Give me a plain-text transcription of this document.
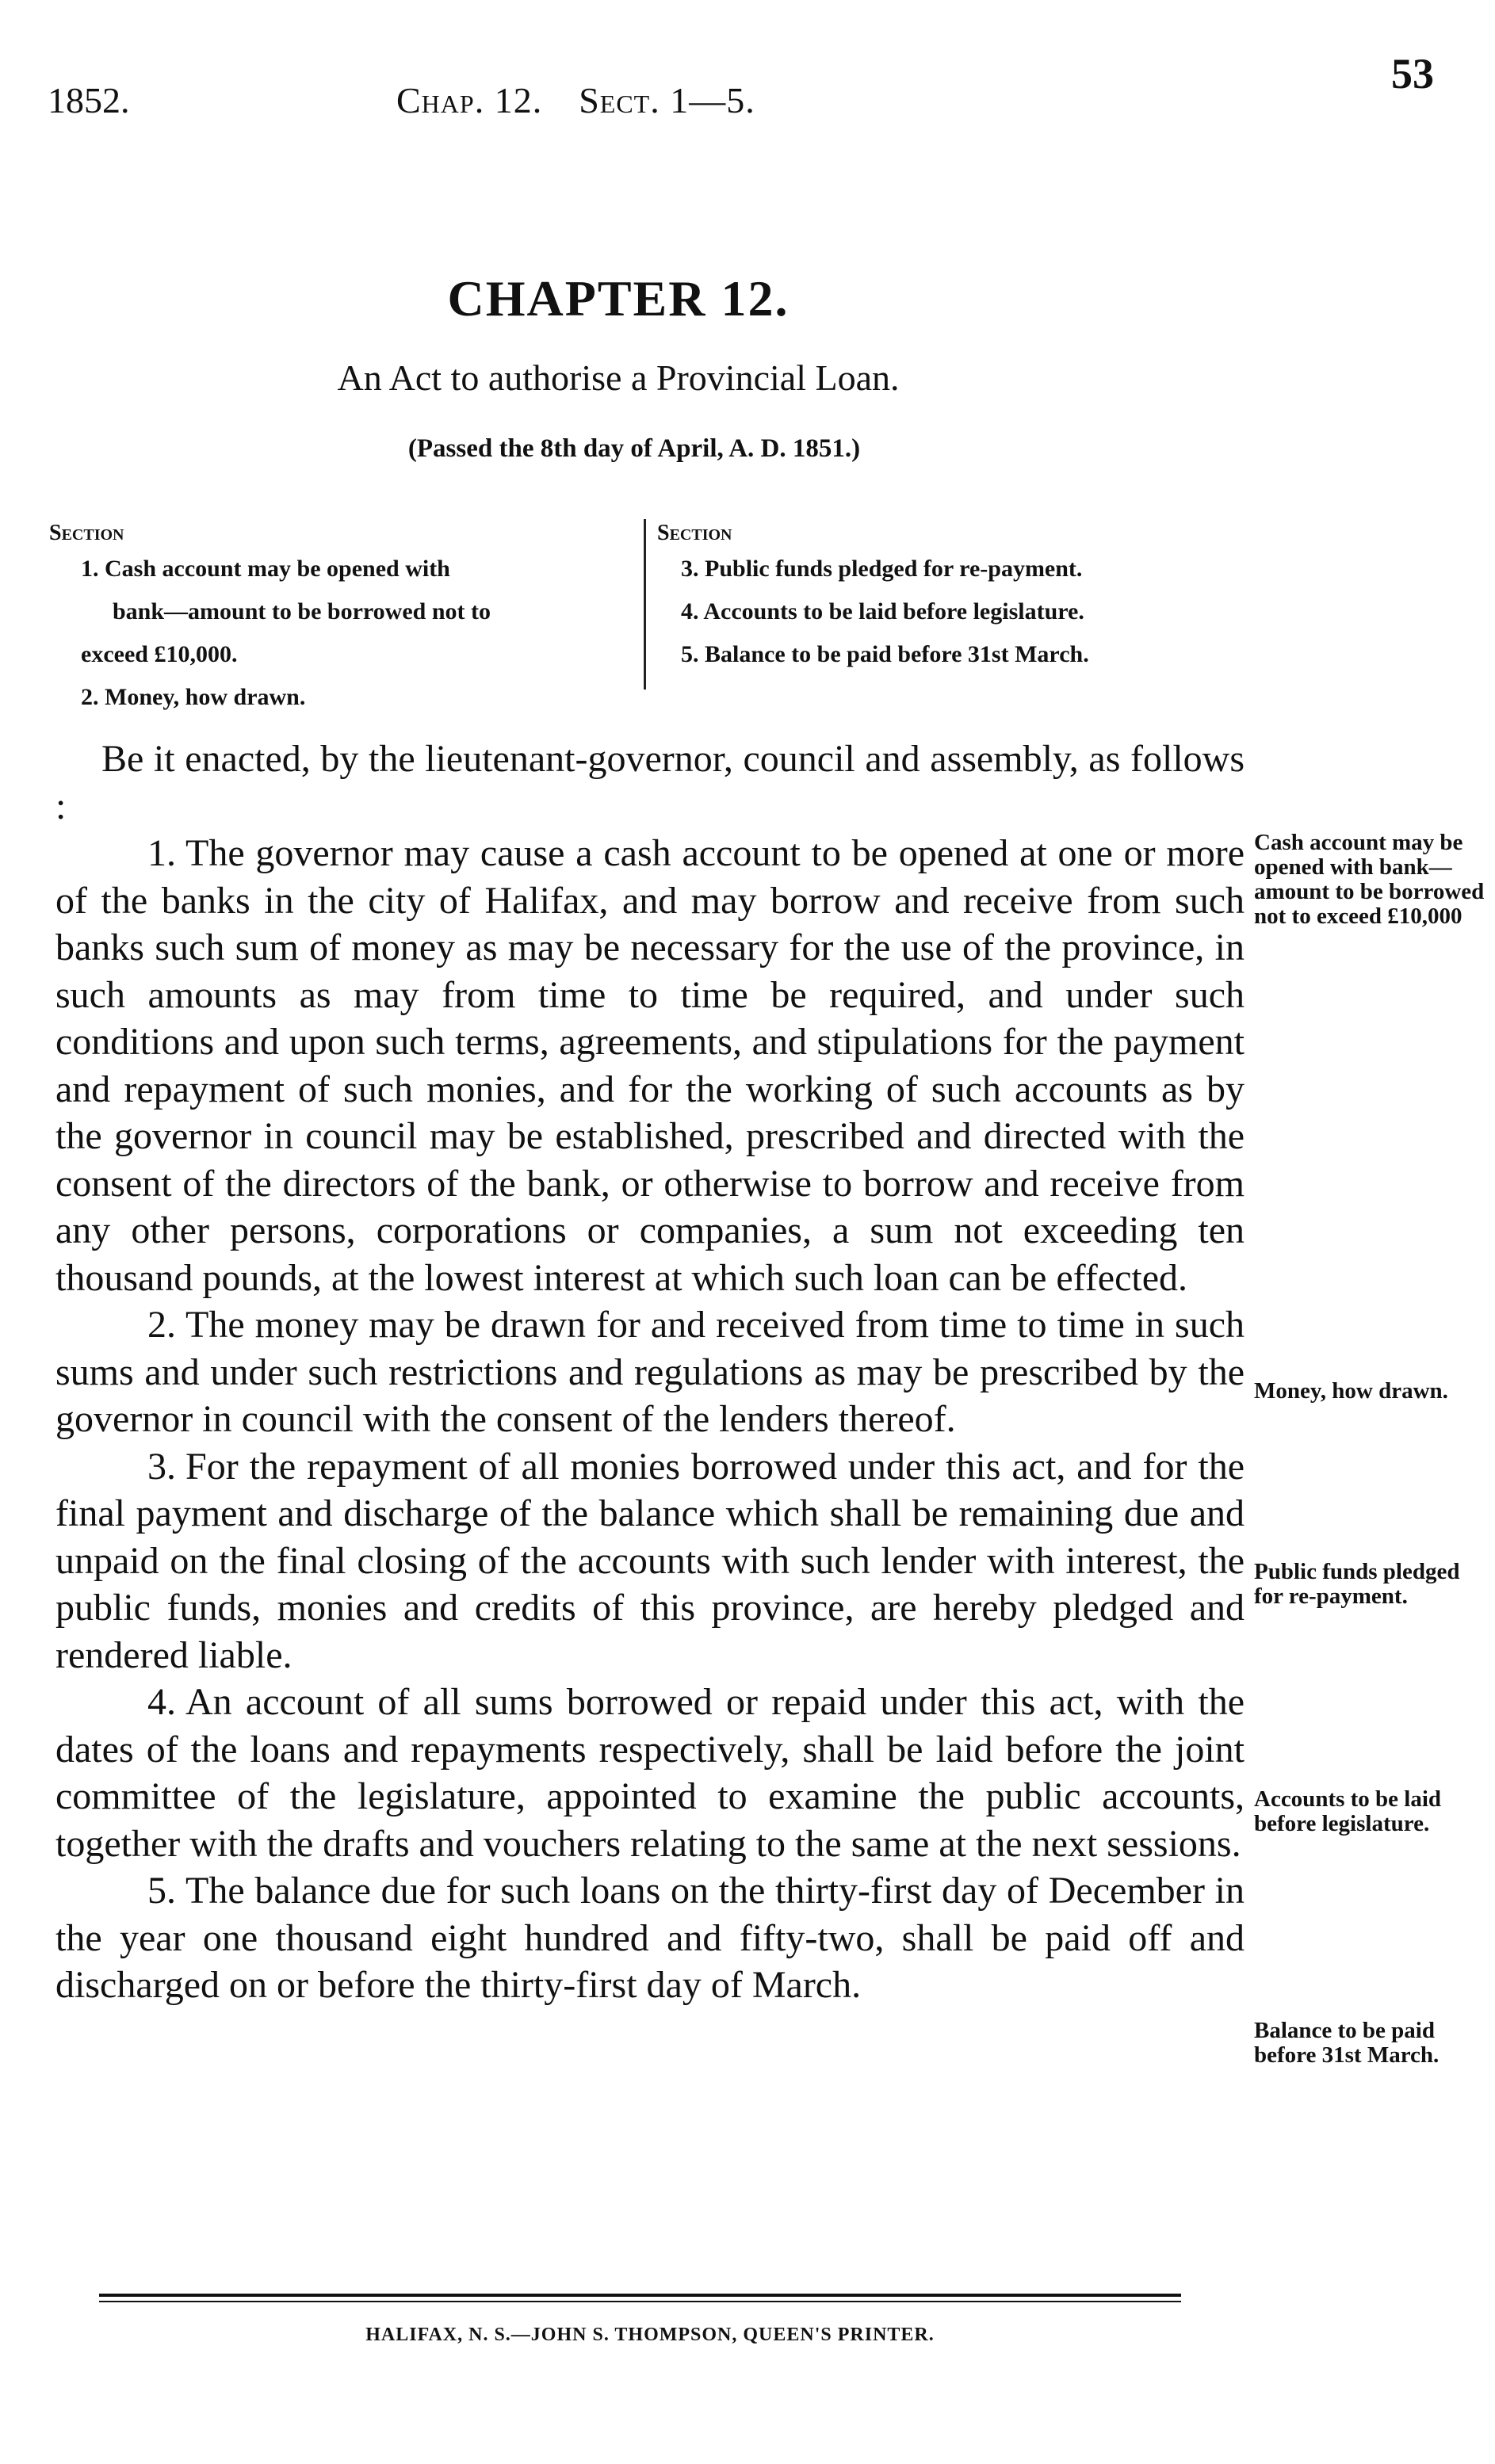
1852.	Chap. 12. Sect. 1—5.
53
CHAPTER 12.
An Act to authorise a Provincial Loan.
(Passed the 8th day of April, A. D. 1851.)
Section
1. Cash account may be opened with
bank—amount to be borrowed not to
exceed £10,000.
2. Money, how drawn.
Section
3. Public funds pledged for re-payment.
4. Accounts to be laid before legislature.
5. Balance to be paid before 31st March.

Be it enacted, by the lieutenant-governor, council and assembly, as follows :

1. The governor may cause a cash account to be opened at one or more of the banks in the city of Halifax, and may borrow and receive from such banks such sum of money as may be necessary for the use of the province, in such amounts as may from time to time be required, and under such conditions and upon such terms, agreements, and stipulations for the payment and repayment of such monies, and for the working of such accounts as by the governor in council may be established, prescribed and directed with the consent of the directors of the bank, or otherwise to borrow and receive from any other persons, corporations or companies, a sum not exceeding ten thousand pounds, at the lowest interest at which such loan can be effected.

2. The money may be drawn for and received from time to time in such sums and under such restrictions and regulations as may be prescribed by the governor in council with the consent of the lenders thereof.

3. For the repayment of all monies borrowed under this act, and for the final payment and discharge of the balance which shall be remaining due and unpaid on the final closing of the accounts with such lender with interest, the public funds, monies and credits of this province, are hereby pledged and rendered liable.

4. An account of all sums borrowed or repaid under this act, with the dates of the loans and repayments respectively, shall be laid before the joint committee of the legislature, appointed to examine the public accounts, together with the drafts and vouchers relating to the same at the next sessions.

5. The balance due for such loans on the thirty-first day of December in the year one thousand eight hundred and fifty-two, shall be paid off and discharged on or before the thirty-first day of March.

Cash account may be opened with bank—amount to be borrowed not to exceed £10,000
Money, how drawn.
Public funds pledged for re-payment.
Accounts to be laid before legislature.
Balance to be paid before 31st March.
HALIFAX, N. S.—JOHN S. THOMPSON, QUEEN'S PRINTER.
